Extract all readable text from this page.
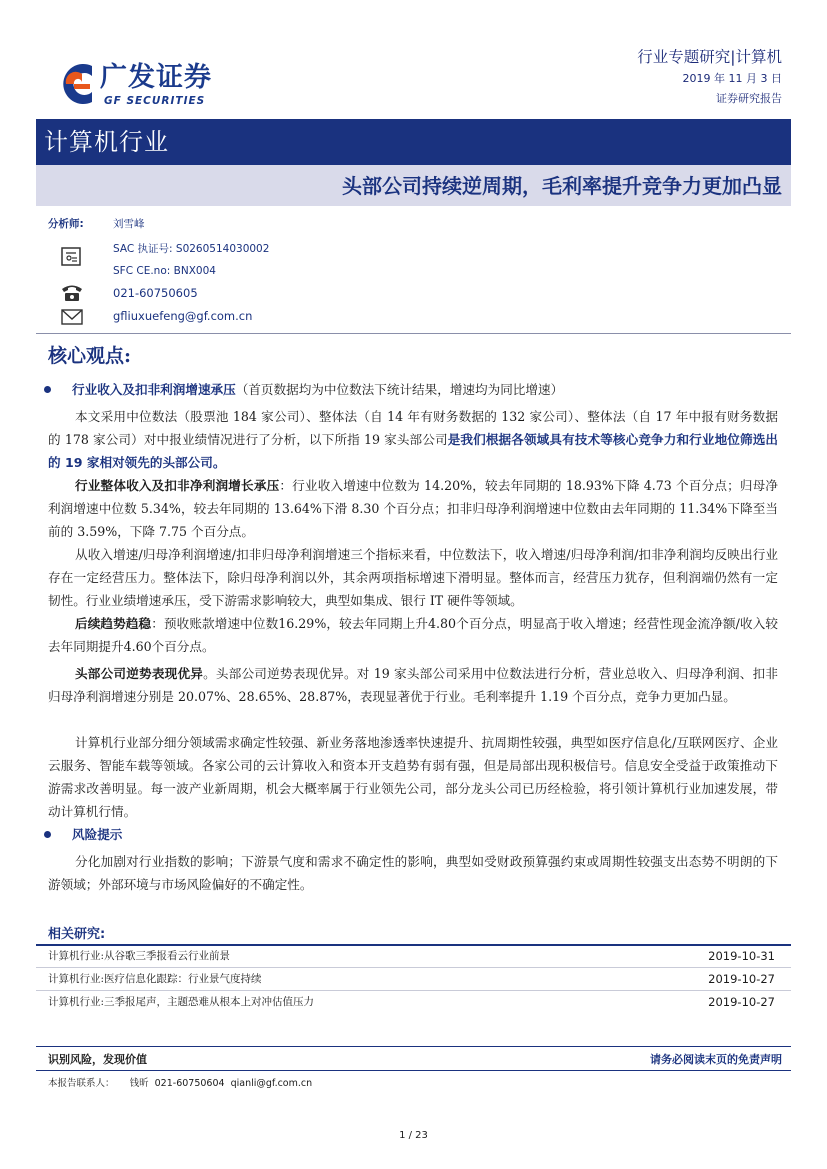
广发证券
GF SECURITIES
行业专题研究|计算机
2019 年 11 月 3 日
证券研究报告
计算机行业
头部公司持续逆周期，毛利率提升竞争力更加凸显
分析师:	刘雪峰
SAC 执证号: S0260514030002
SFC CE.no: BNX004
021-60750605
gfliuxuefeng@gf.com.cn
核心观点:
行业收入及扣非利润增速承压（首页数据均为中位数法下统计结果，增速均为同比增速）
本文采用中位数法（股票池 184 家公司）、整体法（自 14 年有财务数据的 132 家公司）、整体法（自 17 年中报有财务数据的 178 家公司）对中报业绩情况进行了分析，以下所指 19 家头部公司是我们根据各领域具有技术等核心竞争力和行业地位筛选出的 19 家相对领先的头部公司。
行业整体收入及扣非净利润增长承压：行业收入增速中位数为 14.20%，较去年同期的 18.93%下降 4.73 个百分点；归母净利润增速中位数 5.34%，较去年同期的 13.64%下滑 8.30 个百分点；扣非归母净利润增速中位数由去年同期的 11.34%下降至当前的 3.59%，下降 7.75 个百分点。
从收入增速/归母净利润增速/扣非归母净利润增速三个指标来看，中位数法下，收入增速/归母净利润/扣非净利润均反映出行业存在一定经营压力。整体法下，除归母净利润以外，其余两项指标增速下滑明显。整体而言，经营压力犹存，但利润端仍然有一定韧性。行业业绩增速承压，受下游需求影响较大，典型如集成、银行 IT 硬件等领域。
后续趋势趋稳：预收账款增速中位数16.29%，较去年同期上升4.80个百分点，明显高于收入增速；经营性现金流净额/收入较去年同期提升4.60个百分点。
头部公司逆势表现优异。头部公司逆势表现优异。对 19 家头部公司采用中位数法进行分析，营业总收入、归母净利润、扣非归母净利润增速分别是 20.07%、28.65%、28.87%，表现显著优于行业。毛利率提升 1.19 个百分点，竞争力更加凸显。
计算机行业部分细分领域需求确定性较强、新业务落地渗透率快速提升、抗周期性较强，典型如医疗信息化/互联网医疗、企业云服务、智能车载等领域。各家公司的云计算收入和资本开支趋势有弱有强，但是局部出现积极信号。信息安全受益于政策推动下游需求改善明显。每一波产业新周期，机会大概率属于行业领先公司，部分龙头公司已历经检验，将引领计算机行业加速发展，带动计算机行情。
风险提示
分化加剧对行业指数的影响；下游景气度和需求不确定性的影响，典型如受财政预算强约束或周期性较强支出态势不明朗的下游领域；外部环境与市场风险偏好的不确定性。
相关研究:
计算机行业:从谷歌三季报看云行业前景	2019-10-31
计算机行业:医疗信息化跟踪：行业景气度持续	2019-10-27
计算机行业:三季报尾声，主题恐难从根本上对冲估值压力	2019-10-27
识别风险，发现价值	请务必阅读末页的免责声明
本报告联系人：     钱昕  021-60750604  qianli@gf.com.cn
1 / 23
